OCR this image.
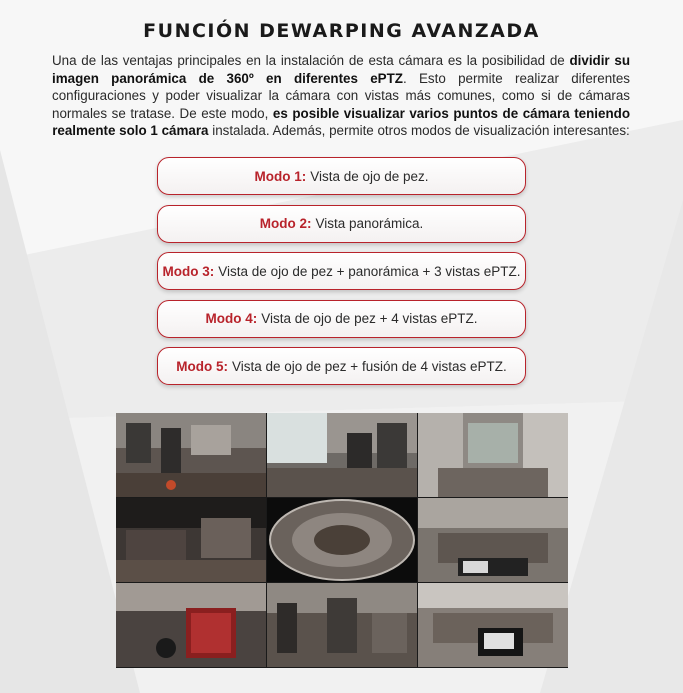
FUNCIÓN DEWARPING AVANZADA

Una de las ventajas principales en la instalación de esta cámara es la posibilidad de dividir su imagen panorámica de 360º en diferentes ePTZ. Esto permite realizar diferentes configuraciones y poder visualizar la cámara con vistas más comunes, como si de cámaras normales se tratase. De este modo, es posible visualizar varios puntos de cámara teniendo realmente solo 1 cámara instalada. Además, permite otros modos de visualización interesantes:

Modo 1: Vista de ojo de pez.
Modo 2: Vista panorámica.
Modo 3: Vista de ojo de pez + panorámica + 3 vistas ePTZ.
Modo 4: Vista de ojo de pez + 4 vistas ePTZ.
Modo 5: Vista de ojo de pez + fusión de 4 vistas ePTZ.
